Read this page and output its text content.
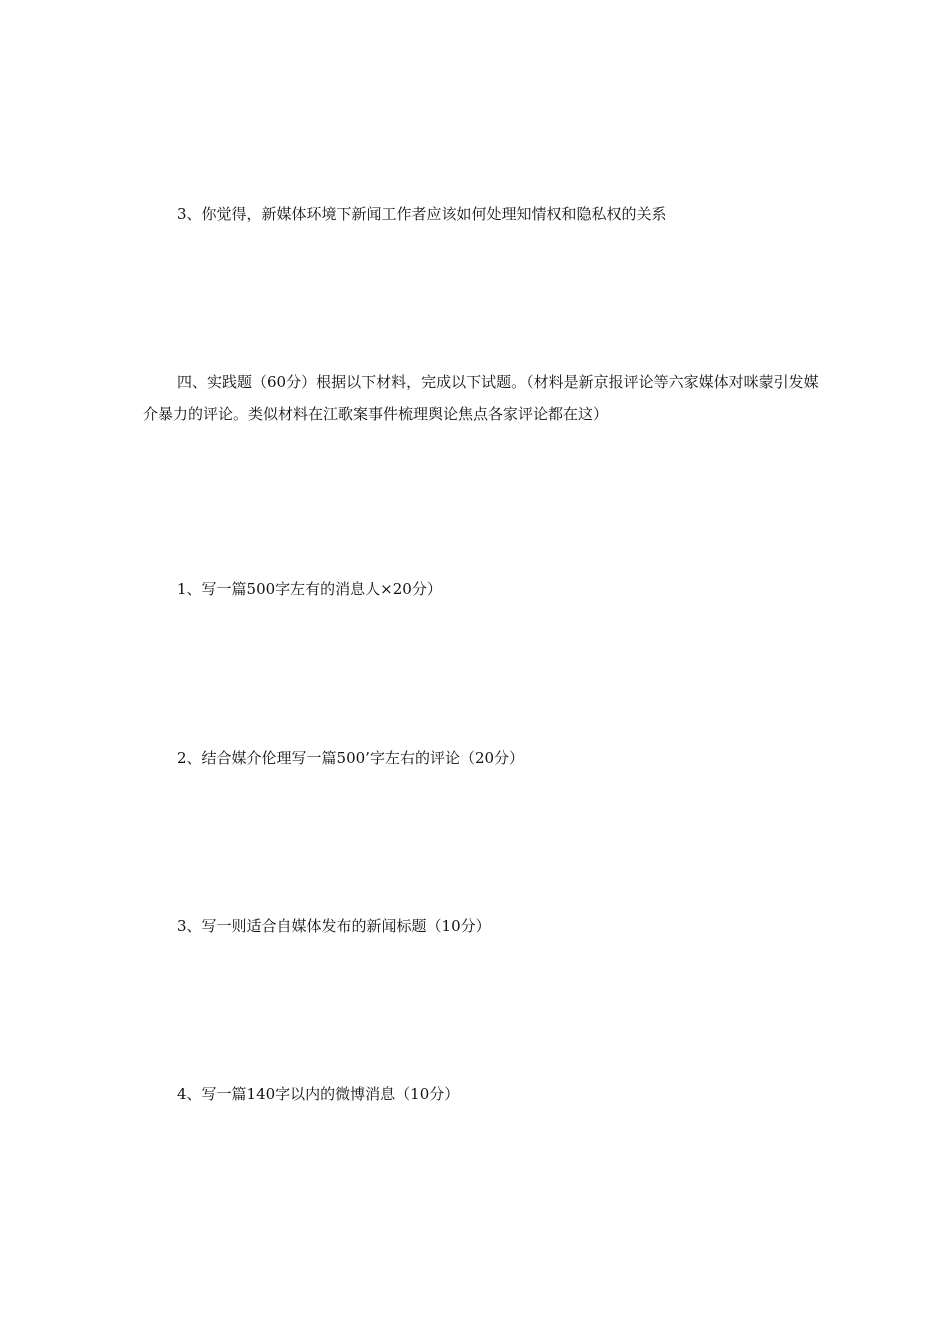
3、你觉得，新媒体环境下新闻工作者应该如何处理知情权和隐私权的关系

四、实践题（60分）根据以下材料，完成以下试题。（材料是新京报评论等六家媒体对咪蒙引发媒介暴力的评论。类似材料在江歌案事件梳理舆论焦点各家评论都在这）

1、写一篇500字左有的消息人×20分）

2、结合媒介伦理写一篇500’字左右的评论（20分）

3、写一则适合自媒体发布的新闻标题（10分）

4、写一篇140字以内的微博消息（10分）
